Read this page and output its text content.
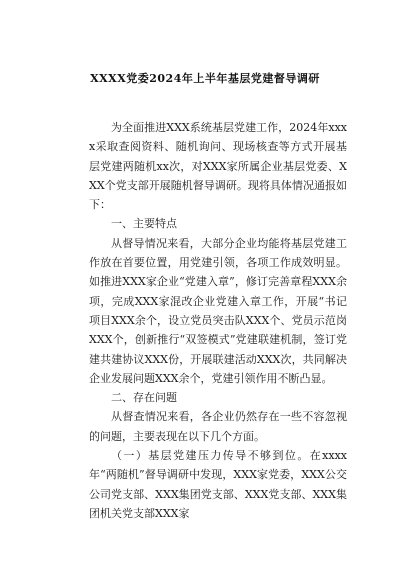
XXXX党委2024年上半年基层党建督导调研

为全面推进XXX系统基层党建工作，2024年xxxx采取查阅资料、随机询问、现场核查等方式开展基层党建两随机xx次，对XXX家所属企业基层党委、XXX个党支部开展随机督导调研。现将具体情况通报如下：

一、主要特点

从督导情况来看，大部分企业均能将基层党建工作放在首要位置，用党建引领，各项工作成效明显。如推进XXX家企业“党建入章”，修订完善章程XXX余项，完成XXX家混改企业党建入章工作，开展“书记项目XXX余个，设立党员突击队XXX个、党员示范岗XXX个，创新推行“双签模式”党建联建机制，签订党建共建协议XXX份，开展联建活动XXX次，共同解决企业发展问题XXX余个，党建引领作用不断凸显。

二、存在问题

从督查情况来看，各企业仍然存在一些不容忽视的问题，主要表现在以下几个方面。

（一）基层党建压力传导不够到位。在xxxx年“两随机”督导调研中发现，XXX家党委，XXX公交公司党支部、XXX集团党支部、XXX党支部、XXX集团机关党支部XXX家
